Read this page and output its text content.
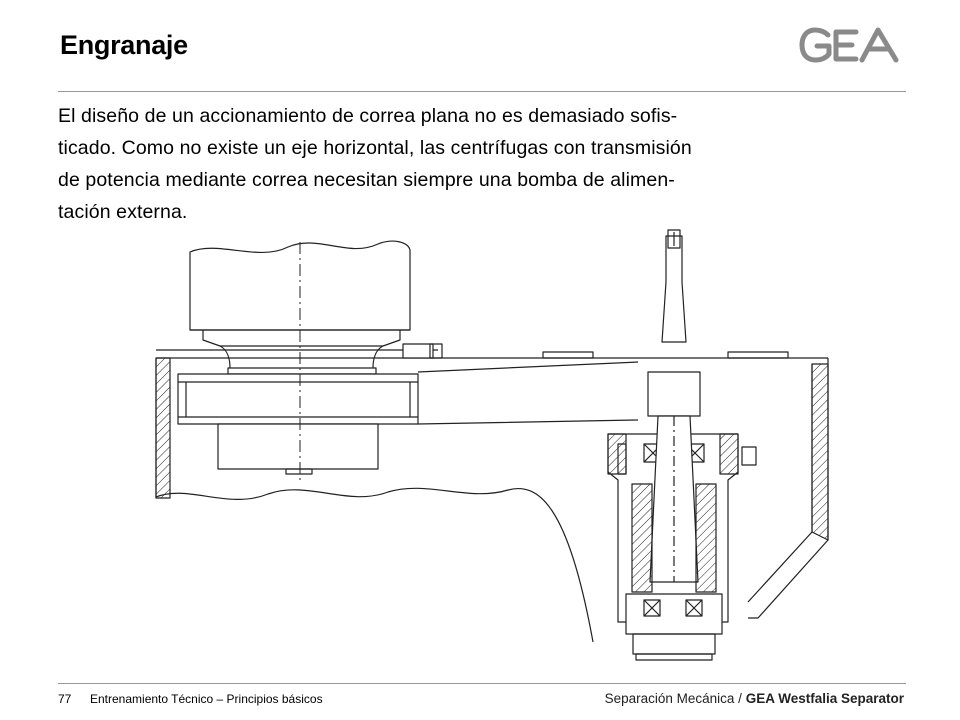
Engranaje

El diseño de un accionamiento de correa plana no es demasiado sofis-
ticado. Como no existe un eje horizontal, las centrífugas con transmisión
de potencia mediante correa necesitan siempre una bomba de alimen-
tación externa.

77 Entrenamiento Técnico – Principios básicos	Separación Mecánica / GEA Westfalia Separator
